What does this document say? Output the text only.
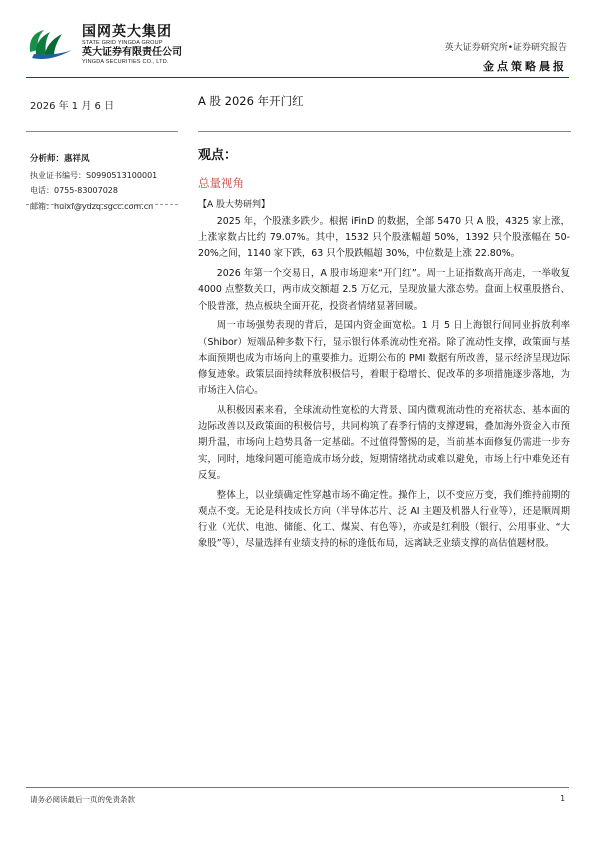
国网英大集团
STATE GRID YINGDA GROUP
英大证券有限责任公司
YINGDA SECURITIES CO., LTD.
英大证券研究所•证券研究报告
金点策略晨报
2026 年 1 月 6 日	A 股 2026 年开门红
分析师：惠祥凤
执业证书编号：S0990513100001
电话：0755-83007028
邮箱：huixf@ydzq.sgcc.com.cn
观点：
总量视角
【A 股大势研判】

2025 年，个股涨多跌少。根据 iFinD 的数据，全部 5470 只 A 股，4325 家上涨，上涨家数占比约 79.07%。其中，1532 只个股涨幅超 50%，1392 只个股涨幅在 50-20%之间，1140 家下跌，63 只个股跌幅超 30%，中位数是上涨 22.80%。

2026 年第一个交易日，A 股市场迎来“开门红”。周一上证指数高开高走，一举收复 4000 点整数关口，两市成交额超 2.5 万亿元，呈现放量大涨态势。盘面上权重股搭台、个股普涨，热点板块全面开花，投资者情绪显著回暖。

周一市场强势表现的背后，是国内资金面宽松。1 月 5 日上海银行间同业拆放利率（Shibor）短端品种多数下行，显示银行体系流动性充裕。除了流动性支撑，政策面与基本面预期也成为市场向上的重要推力。近期公布的 PMI 数据有所改善，显示经济呈现边际修复迹象。政策层面持续释放积极信号，着眼于稳增长、促改革的多项措施逐步落地，为市场注入信心。

从积极因素来看，全球流动性宽松的大背景、国内微观流动性的充裕状态、基本面的边际改善以及政策面的积极信号，共同构筑了春季行情的支撑逻辑，叠加海外资金入市预期升温，市场向上趋势具备一定基础。不过值得警惕的是，当前基本面修复仍需进一步夯实，同时，地缘问题可能造成市场分歧，短期情绪扰动或难以避免，市场上行中难免还有反复。

整体上，以业绩确定性穿越市场不确定性。操作上，以不变应万变，我们维持前期的观点不变。无论是科技成长方向（半导体芯片、泛 AI 主题及机器人行业等），还是顺周期行业（光伏、电池、储能、化工、煤炭、有色等），亦或是红利股（银行、公用事业、“大象股”等），尽量选择有业绩支持的标的逢低布局，远离缺乏业绩支撑的高估值题材股。

请务必阅读最后一页的免责条款	1
